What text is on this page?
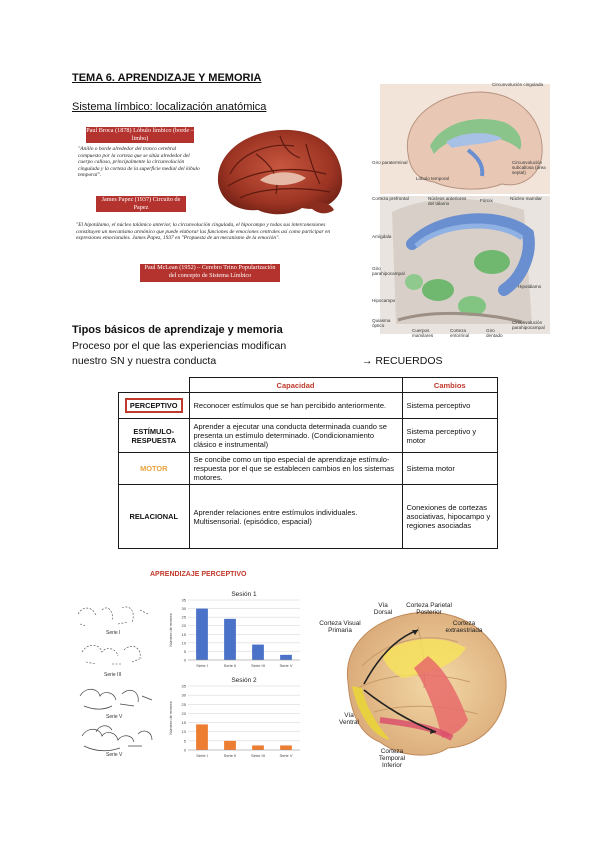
TEMA 6. APRENDIZAJE Y MEMORIA
Sistema límbico: localización anatómica
Paul Broca (1878) Lóbulo límbico (borde – limbo)
"Anillo o borde alrededor del tronco cerebral compuesto por la corteza que se sitúa alrededor del cuerpo calloso, principalmente la circunvolución cingulada y la corteza de la superficie medial del lóbulo temporal".
James Papez (1937) Circuito de Papez
"El hipotálamo, el núcleo talámico anterior, la circunvolución cingulada, el hipocampo y todas sus interconexiones constituyen un mecanismo armónico que puede elaborar las funciones de emociones centrales así como participar en expresiones emocionales. James Papez, 1937 en "Propuesta de un mecanismo de la emoción".
Paul McLean (1952) – Cerebro Trino Popularización del concepto de Sistema Límbico
Circunvolución cingulada
Giro paraterminal	Circunvolución subcallosa (área septal)
Lóbulo temporal
Corteza prefrontal	Núcleos anteriores del tálamo
Fórnix	Núcleo mamilar
Amígdala
Giro parahipocampal
Hipocampo
Quiasma óptico
Cuerpos mamilares
Corteza entorrinal
Giro dentado
Circunvolución parahipocampal
Hipotálamo
Tipos básicos de aprendizaje y memoria
Proceso por el que las experiencias modifican
nuestro SN y nuestra conducta	→ RECUERDOS
	Capacidad	Cambios
PERCEPTIVO	Reconocer estímulos que se han percibido anteriormente.	Sistema perceptivo
ESTÍMULO-RESPUESTA	Aprender a ejecutar una conducta determinada cuando se presenta un estímulo determinado. (Condicionamiento clásico e instrumental)	Sistema perceptivo y motor
MOTOR	Se concibe como un tipo especial de aprendizaje estímulo-respuesta por el que se establecen cambios en los sistemas motores.	Sistema motor
RELACIONAL	Aprender relaciones entre estímulos individuales. Multisensorial. (episódico, espacial)	Conexiones de cortezas asociativas, hipocampo y regiones asociadas
APRENDIZAJE PERCEPTIVO
Serie I
Serie III
Serie V
Serie V
Sesión 1
0
5
10
15
20
25
30
35
Número de errores
Serie I	Serie II	Serie III	Serie V
Sesión 2
0
5
10
15
20
25
30
35
Número de errores
Serie I	Serie II	Serie III	Serie V
Vía Dorsal
Corteza Parietal Posterior
Corteza Visual Primaria
Corteza extraestriada
Vía Ventral
Corteza Temporal Inferior
